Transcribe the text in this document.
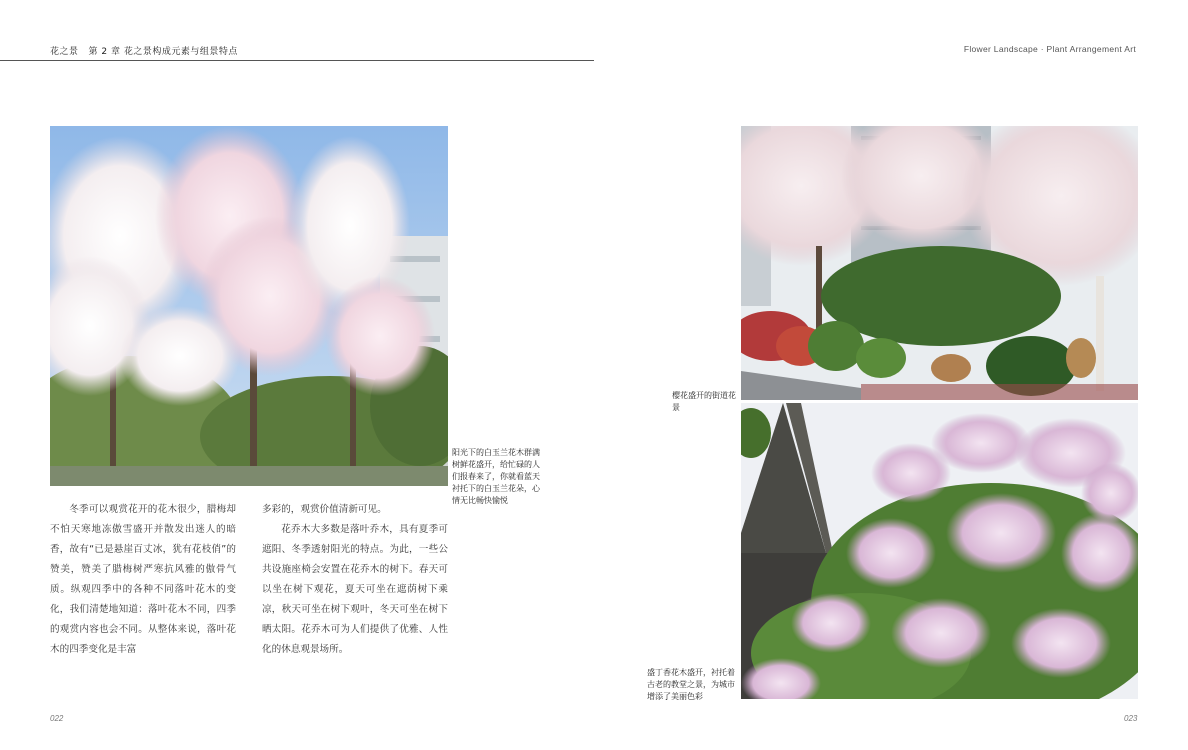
花之景 第 2 章 花之景构成元素与组景特点
阳光下的白玉兰花木群满树鲜花盛开，给忙碌的人们报春来了，你就看蓝天衬托下的白玉兰花朵，心情无比畅快愉悦

冬季可以观赏花开的花木很少，腊梅却不怕天寒地冻傲雪盛开并散发出迷人的暗香，故有“已是悬崖百丈冰，犹有花枝俏”的赞美，赞美了腊梅树严寒抗风雅的傲骨气质。纵观四季中的各种不同落叶花木的变化，我们清楚地知道：落叶花木不同，四季的观赏内容也会不同。从整体来说，落叶花木的四季变化是丰富

多彩的，观赏价值清新可见。

花乔木大多数是落叶乔木，具有夏季可遮阳、冬季透射阳光的特点。为此，一些公共设施座椅会安置在花乔木的树下。春天可以坐在树下观花，夏天可坐在遮荫树下乘凉，秋天可坐在树下观叶，冬天可坐在树下晒太阳。花乔木可为人们提供了优雅、人性化的休息观景场所。

022
Flower Landscape · Plant Arrangement Art
樱花盛开的街道花景
盛丁香花木盛开，衬托着古老的教堂之景，为城市增添了美丽色彩
023
